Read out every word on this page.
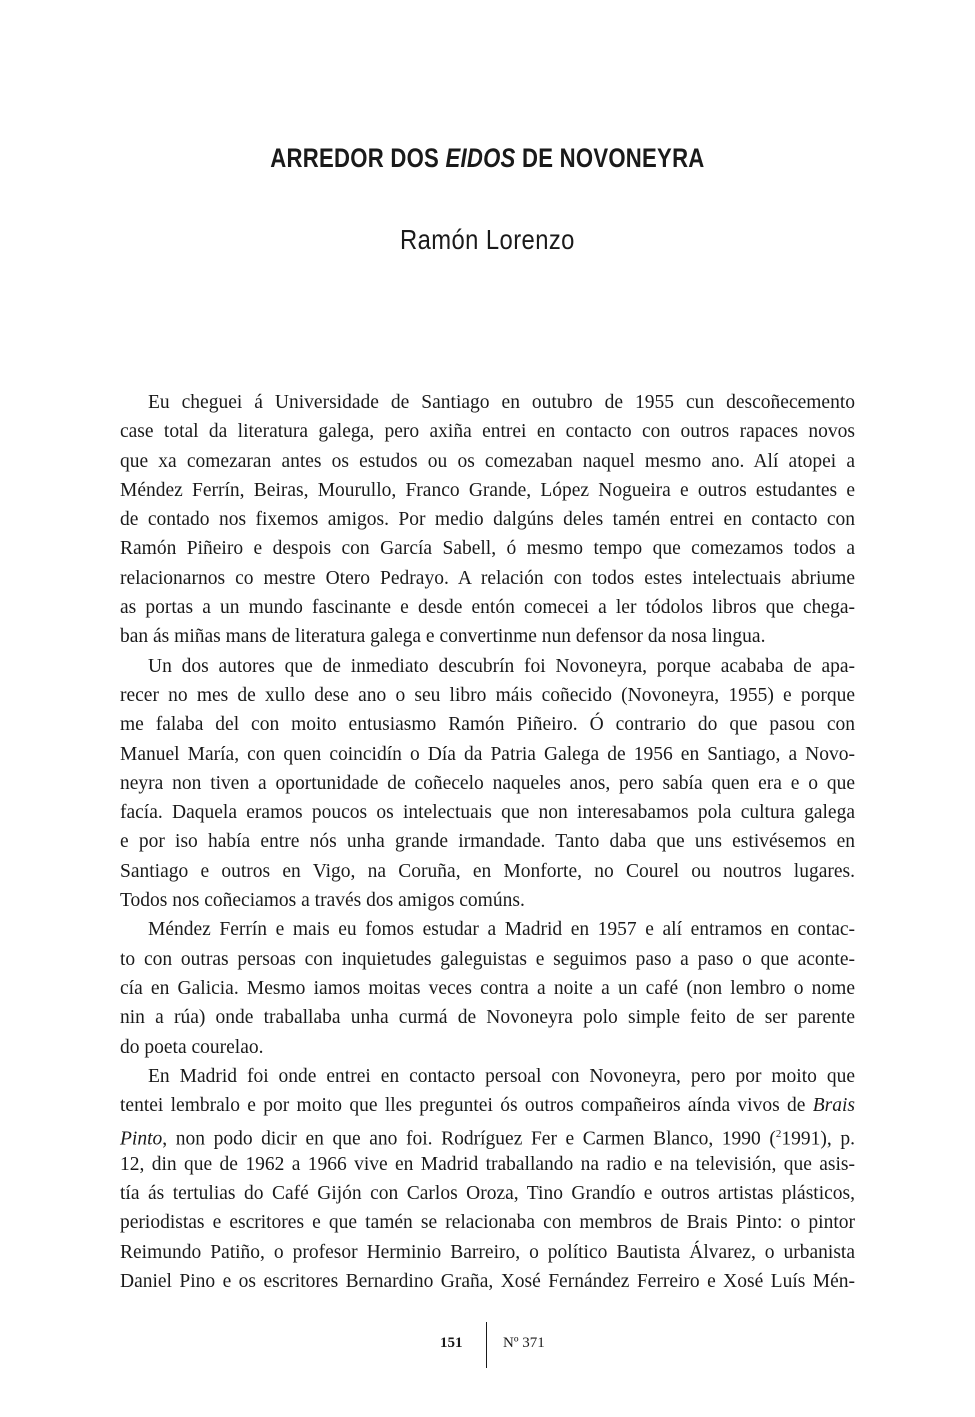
ARREDOR DOS EIDOS DE NOVONEYRA
Ramón Lorenzo
Eu cheguei á Universidade de Santiago en outubro de 1955 cun descoñecemento
case total da literatura galega, pero axiña entrei en contacto con outros rapaces novos
que xa comezaran antes os estudos ou os comezaban naquel mesmo ano. Alí atopei a
Méndez Ferrín, Beiras, Mourullo, Franco Grande, López Nogueira e outros estudantes e
de contado nos fixemos amigos. Por medio dalgúns deles tamén entrei en contacto con
Ramón Piñeiro e despois con García Sabell, ó mesmo tempo que comezamos todos a
relacionarnos co mestre Otero Pedrayo. A relación con todos estes intelectuais abriume
as portas a un mundo fascinante e desde entón comecei a ler tódolos libros que chega-
ban ás miñas mans de literatura galega e convertinme nun defensor da nosa lingua.
Un dos autores que de inmediato descubrín foi Novoneyra, porque acababa de apa-
recer no mes de xullo dese ano o seu libro máis coñecido (Novoneyra, 1955) e porque
me falaba del con moito entusiasmo Ramón Piñeiro. Ó contrario do que pasou con
Manuel María, con quen coincidín o Día da Patria Galega de 1956 en Santiago, a Novo-
neyra non tiven a oportunidade de coñecelo naqueles anos, pero sabía quen era e o que
facía. Daquela eramos poucos os intelectuais que non interesabamos pola cultura galega
e por iso había entre nós unha grande irmandade. Tanto daba que uns estivésemos en
Santiago e outros en Vigo, na Coruña, en Monforte, no Courel ou noutros lugares.
Todos nos coñeciamos a través dos amigos comúns.
Méndez Ferrín e mais eu fomos estudar a Madrid en 1957 e alí entramos en contac-
to con outras persoas con inquietudes galeguistas e seguimos paso a paso o que aconte-
cía en Galicia. Mesmo iamos moitas veces contra a noite a un café (non lembro o nome
nin a rúa) onde traballaba unha curmá de Novoneyra polo simple feito de ser parente
do poeta courelao.
En Madrid foi onde entrei en contacto persoal con Novoneyra, pero por moito que
tentei lembralo e por moito que lles preguntei ós outros compañeiros aínda vivos de Brais
Pinto, non podo dicir en que ano foi. Rodríguez Fer e Carmen Blanco, 1990 ($^2$1991), p.
12, din que de 1962 a 1966 vive en Madrid traballando na radio e na televisión, que asis-
tía ás tertulias do Café Gijón con Carlos Oroza, Tino Grandío e outros artistas plásticos,
periodistas e escritores e que tamén se relacionaba con membros de Brais Pinto: o pintor
Reimundo Patiño, o profesor Herminio Barreiro, o político Bautista Álvarez, o urbanista
Daniel Pino e os escritores Bernardino Graña, Xosé Fernández Ferreiro e Xosé Luís Mén-
151	Nº 371
